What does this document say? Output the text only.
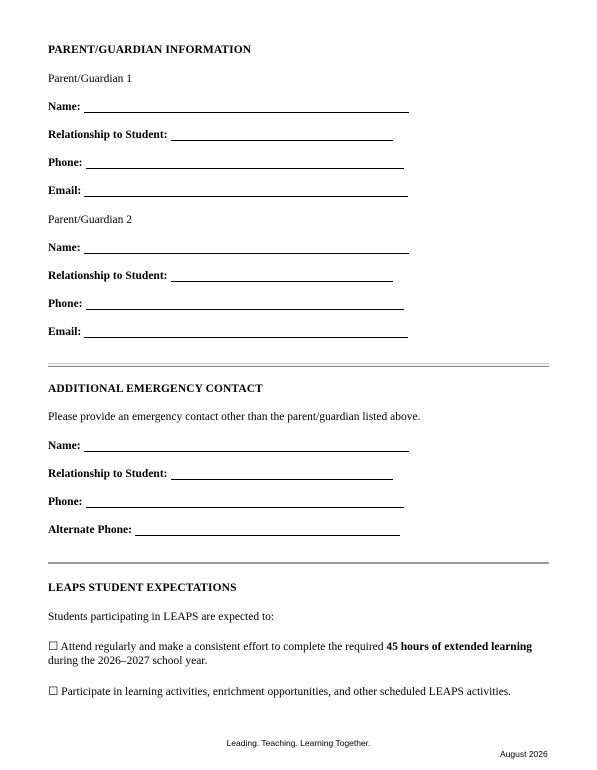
PARENT/GUARDIAN INFORMATION
Parent/Guardian 1
Name:
Relationship to Student:
Phone:
Email:
Parent/Guardian 2
Name:
Relationship to Student:
Phone:
Email:
ADDITIONAL EMERGENCY CONTACT
Please provide an emergency contact other than the parent/guardian listed above.
Name:
Relationship to Student:
Phone:
Alternate Phone:
LEAPS STUDENT EXPECTATIONS
Students participating in LEAPS are expected to:
☐ Attend regularly and make a consistent effort to complete the required 45 hours of extended learning during the 2026–2027 school year.
☐ Participate in learning activities, enrichment opportunities, and other scheduled LEAPS activities.
Leading. Teaching. Learning Together.
August 2026
